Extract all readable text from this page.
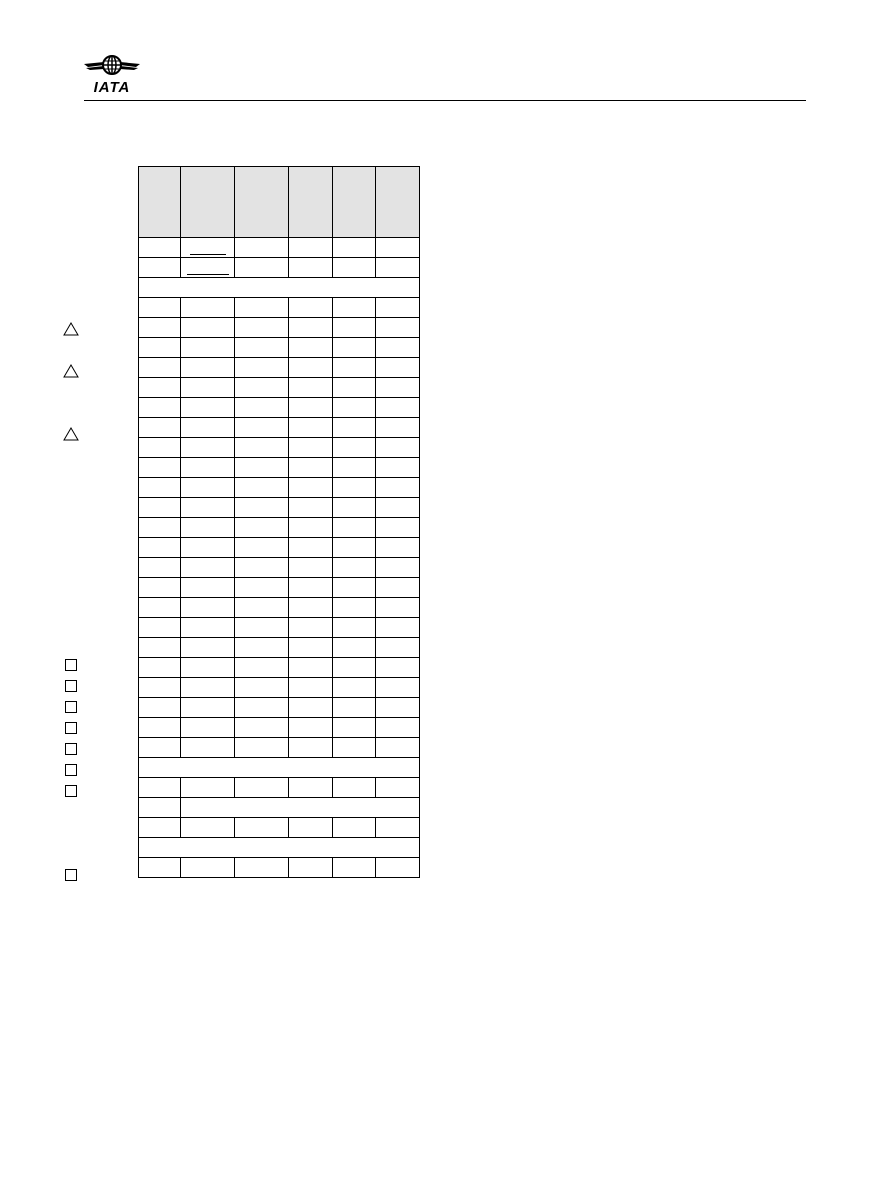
IATA
